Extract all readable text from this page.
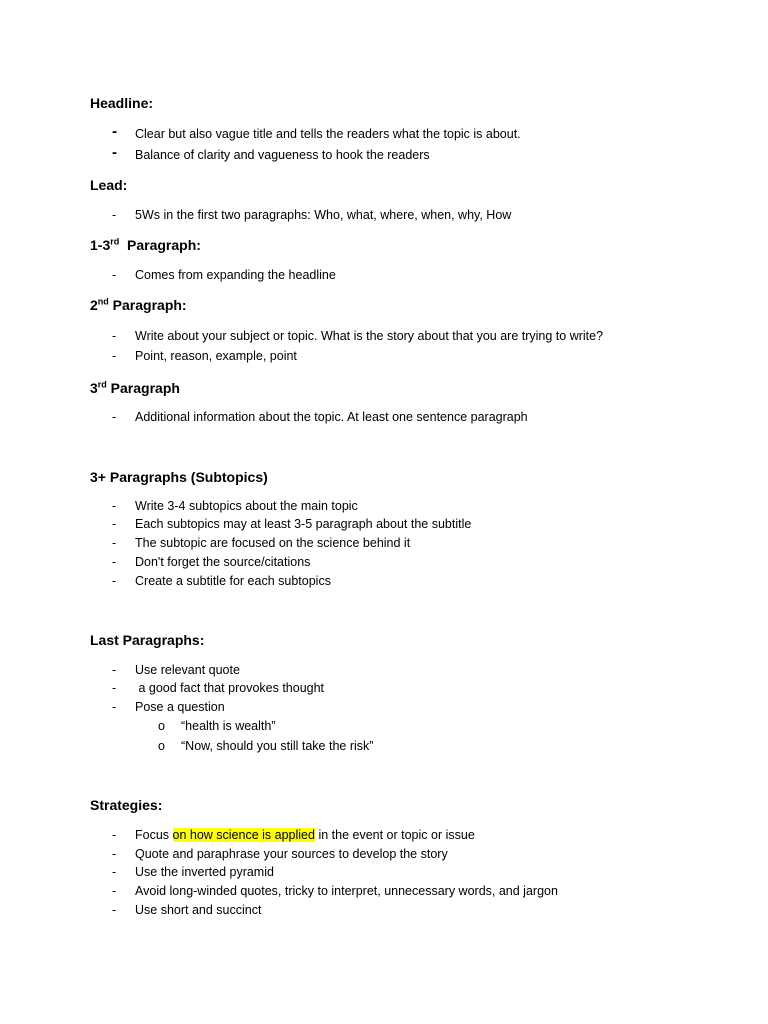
Headline:

- Clear but also vague title and tells the readers what the topic is about.
- Balance of clarity and vagueness to hook the readers

Lead:

- 5Ws in the first two paragraphs: Who, what, where, when, why, How

1-3rd  Paragraph:

- Comes from expanding the headline

2nd Paragraph:

- Write about your subject or topic. What is the story about that you are trying to write?
- Point, reason, example, point

3rd Paragraph

- Additional information about the topic. At least one sentence paragraph

3+ Paragraphs (Subtopics)

- Write 3-4 subtopics about the main topic
- Each subtopics may at least 3-5 paragraph about the subtitle
- The subtopic are focused on the science behind it
- Don't forget the source/citations
- Create a subtitle for each subtopics

Last Paragraphs:

- Use relevant quote
- a good fact that provokes thought
- Pose a question
o “health is wealth”
o “Now, should you still take the risk”

Strategies:

- Focus on how science is applied in the event or topic or issue
- Quote and paraphrase your sources to develop the story
- Use the inverted pyramid
- Avoid long-winded quotes, tricky to interpret, unnecessary words, and jargon
- Use short and succinct
